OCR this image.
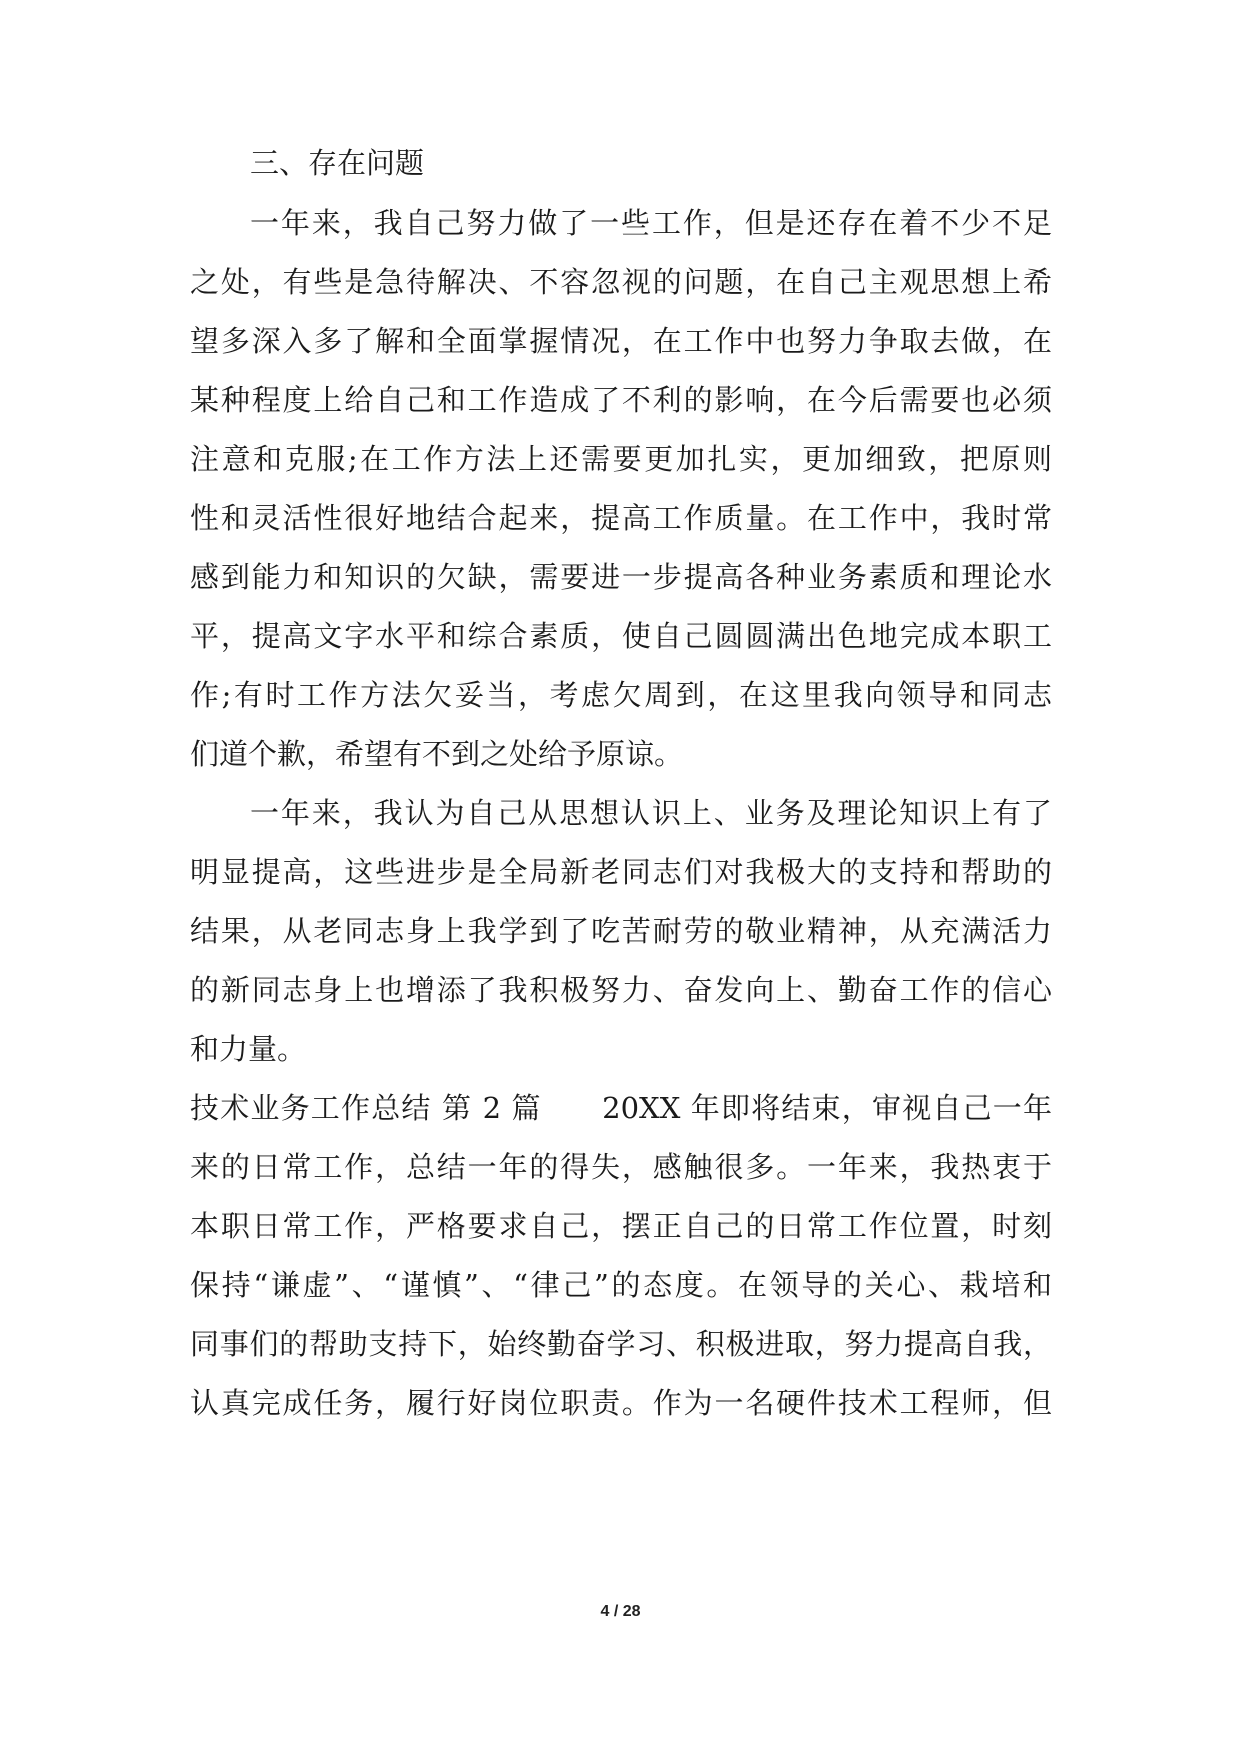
三、存在问题
一年来，我自己努力做了一些工作，但是还存在着不少不足
之处，有些是急待解决、不容忽视的问题，在自己主观思想上希
望多深入多了解和全面掌握情况，在工作中也努力争取去做，在
某种程度上给自己和工作造成了不利的影响，在今后需要也必须
注意和克服;在工作方法上还需要更加扎实，更加细致，把原则
性和灵活性很好地结合起来，提高工作质量。在工作中，我时常
感到能力和知识的欠缺，需要进一步提高各种业务素质和理论水
平，提高文字水平和综合素质，使自己圆圆满出色地完成本职工
作;有时工作方法欠妥当，考虑欠周到，在这里我向领导和同志
们道个歉，希望有不到之处给予原谅。
一年来，我认为自己从思想认识上、业务及理论知识上有了
明显提高，这些进步是全局新老同志们对我极大的支持和帮助的
结果，从老同志身上我学到了吃苦耐劳的敬业精神，从充满活力
的新同志身上也增添了我积极努力、奋发向上、勤奋工作的信心
和力量。
技术业务工作总结 第 2 篇　　20XX 年即将结束，审视自己一年
来的日常工作，总结一年的得失，感触很多。一年来，我热衷于
本职日常工作，严格要求自己，摆正自己的日常工作位置，时刻
保持“谦虚”、“谨慎”、“律己”的态度。在领导的关心、栽培和
同事们的帮助支持下，始终勤奋学习、积极进取，努力提高自我，
认真完成任务，履行好岗位职责。作为一名硬件技术工程师，但
4 / 28
